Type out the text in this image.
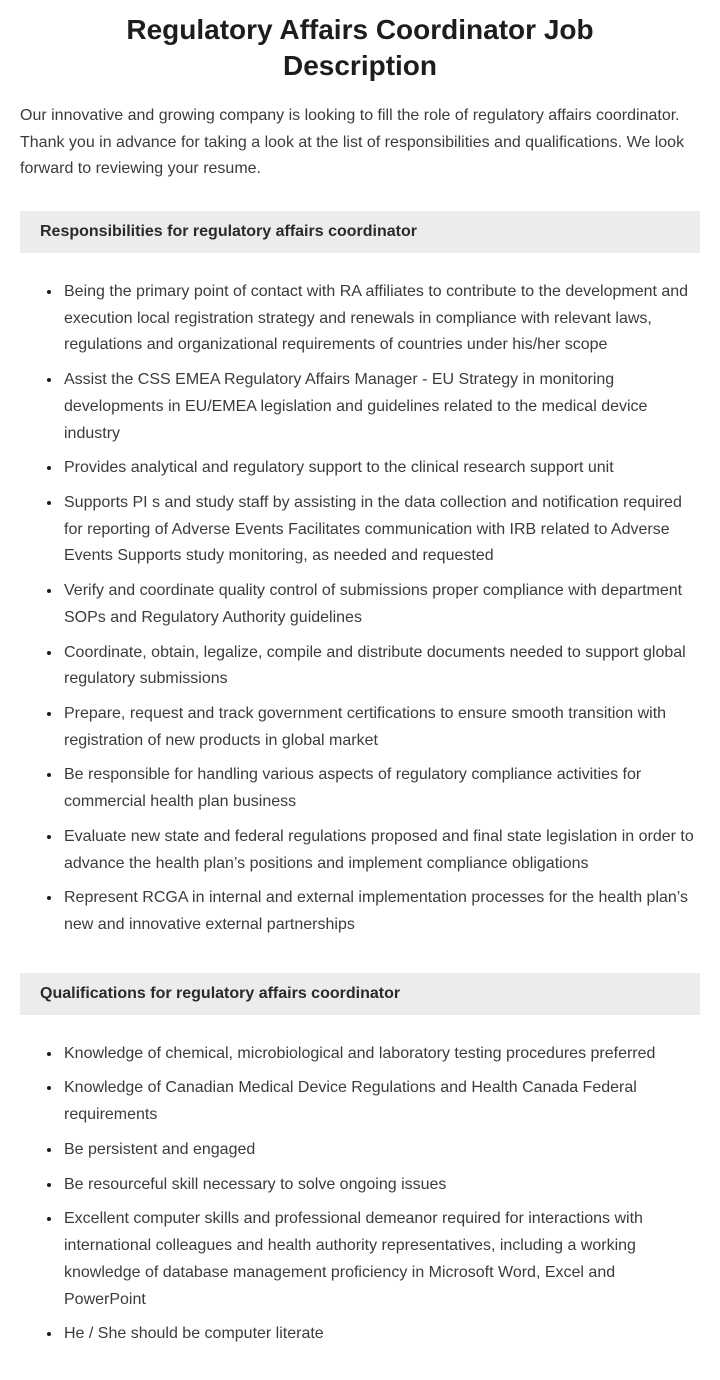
Regulatory Affairs Coordinator Job Description

Our innovative and growing company is looking to fill the role of regulatory affairs coordinator. Thank you in advance for taking a look at the list of responsibilities and qualifications. We look forward to reviewing your resume.

Responsibilities for regulatory affairs coordinator
• Being the primary point of contact with RA affiliates to contribute to the development and execution local registration strategy and renewals in compliance with relevant laws, regulations and organizational requirements of countries under his/her scope
• Assist the CSS EMEA Regulatory Affairs Manager - EU Strategy in monitoring developments in EU/EMEA legislation and guidelines related to the medical device industry
• Provides analytical and regulatory support to the clinical research support unit
• Supports PI s and study staff by assisting in the data collection and notification required for reporting of Adverse Events Facilitates communication with IRB related to Adverse Events Supports study monitoring, as needed and requested
• Verify and coordinate quality control of submissions proper compliance with department SOPs and Regulatory Authority guidelines
• Coordinate, obtain, legalize, compile and distribute documents needed to support global regulatory submissions
• Prepare, request and track government certifications to ensure smooth transition with registration of new products in global market
• Be responsible for handling various aspects of regulatory compliance activities for commercial health plan business
• Evaluate new state and federal regulations proposed and final state legislation in order to advance the health plan’s positions and implement compliance obligations
• Represent RCGA in internal and external implementation processes for the health plan’s new and innovative external partnerships
Qualifications for regulatory affairs coordinator
• Knowledge of chemical, microbiological and laboratory testing procedures preferred
• Knowledge of Canadian Medical Device Regulations and Health Canada Federal requirements
• Be persistent and engaged
• Be resourceful skill necessary to solve ongoing issues
• Excellent computer skills and professional demeanor required for interactions with international colleagues and health authority representatives, including a working knowledge of database management proficiency in Microsoft Word, Excel and PowerPoint
• He / She should be computer literate
